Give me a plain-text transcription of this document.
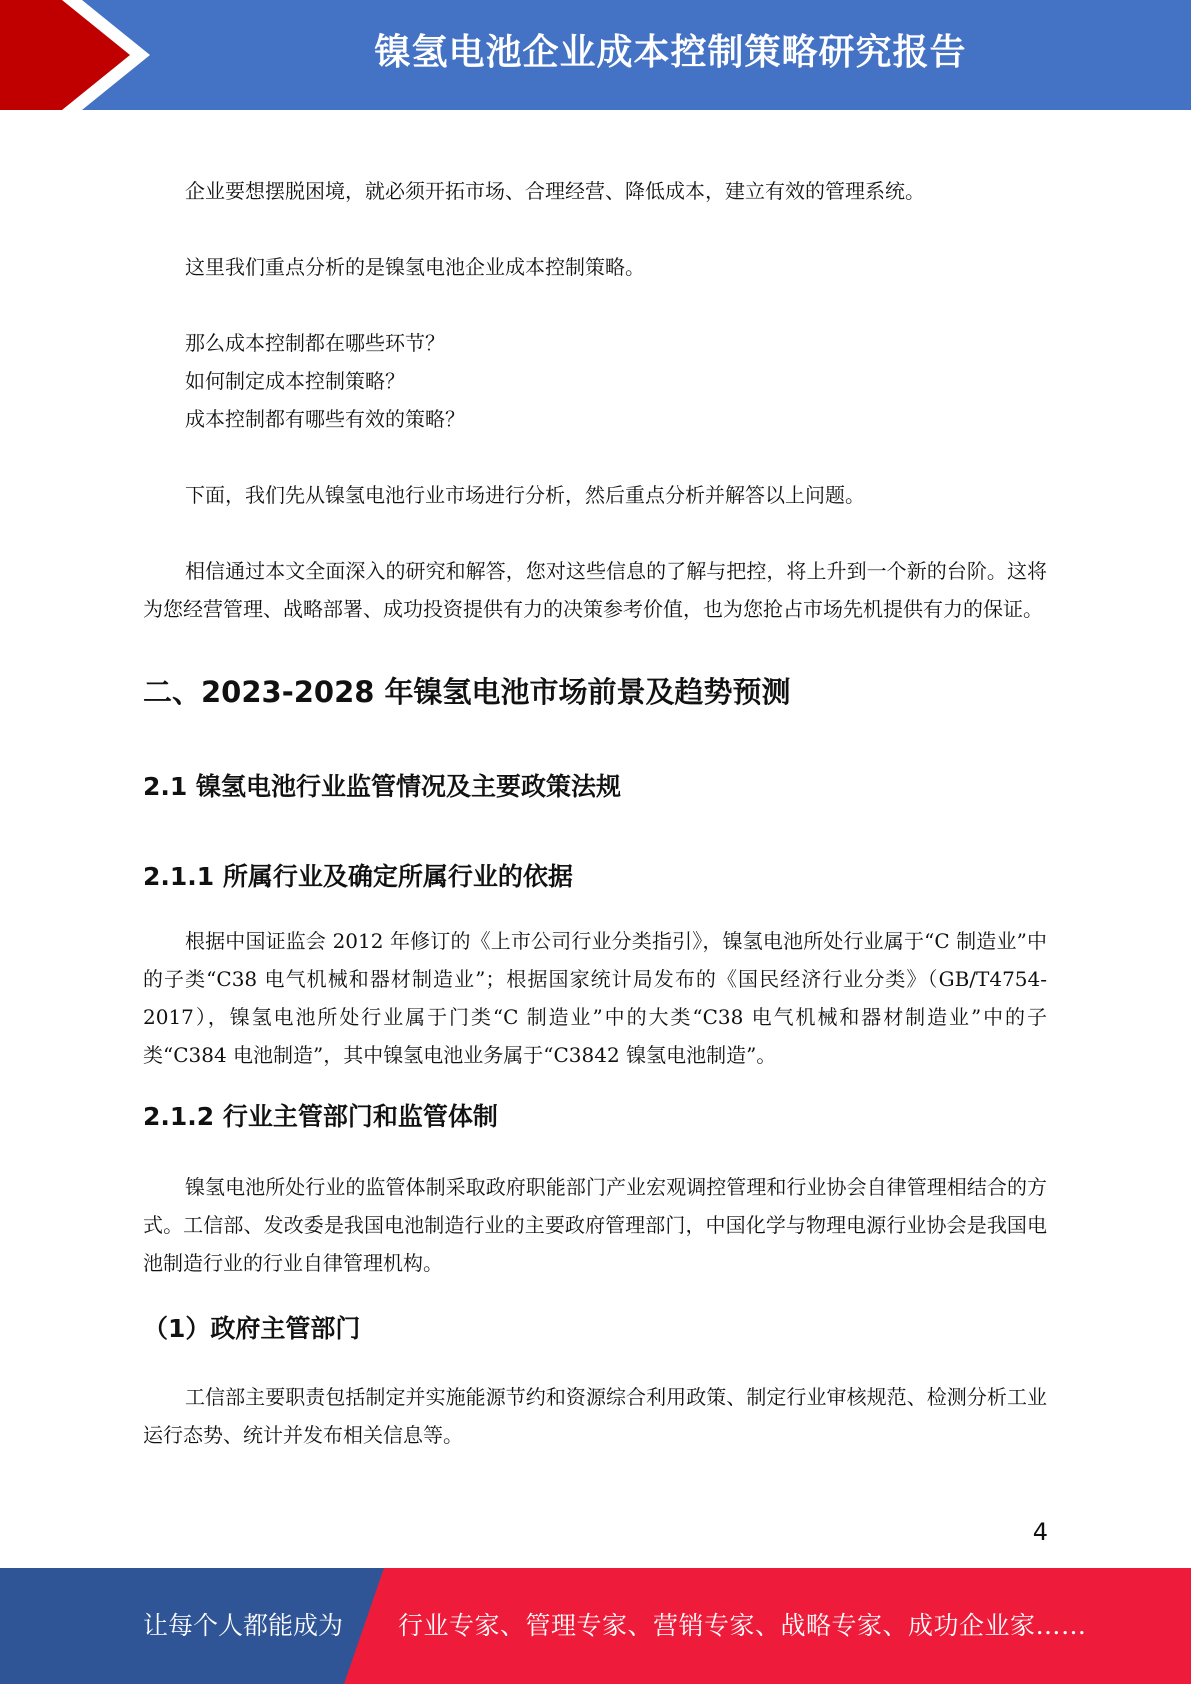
镍氢电池企业成本控制策略研究报告

企业要想摆脱困境，就必须开拓市场、合理经营、降低成本，建立有效的管理系统。

这里我们重点分析的是镍氢电池企业成本控制策略。

那么成本控制都在哪些环节？

如何制定成本控制策略？

成本控制都有哪些有效的策略？

下面，我们先从镍氢电池行业市场进行分析，然后重点分析并解答以上问题。

相信通过本文全面深入的研究和解答，您对这些信息的了解与把控，将上升到一个新的台阶。这将为您经营管理、战略部署、成功投资提供有力的决策参考价值，也为您抢占市场先机提供有力的保证。

二、2023-2028 年镍氢电池市场前景及趋势预测
2.1 镍氢电池行业监管情况及主要政策法规
2.1.1 所属行业及确定所属行业的依据

根据中国证监会 2012 年修订的《上市公司行业分类指引》，镍氢电池所处行业属于“C 制造业”中的子类“C38 电气机械和器材制造业”；根据国家统计局发布的《国民经济行业分类》（GB/T4754-2017），镍氢电池所处行业属于门类“C 制造业”中的大类“C38 电气机械和器材制造业”中的子类“C384 电池制造”，其中镍氢电池业务属于“C3842 镍氢电池制造”。

2.1.2 行业主管部门和监管体制

镍氢电池所处行业的监管体制采取政府职能部门产业宏观调控管理和行业协会自律管理相结合的方式。工信部、发改委是我国电池制造行业的主要政府管理部门，中国化学与物理电源行业协会是我国电池制造行业的行业自律管理机构。

（1）政府主管部门

工信部主要职责包括制定并实施能源节约和资源综合利用政策、制定行业审核规范、检测分析工业运行态势、统计并发布相关信息等。

4
让每个人都能成为 行业专家、管理专家、营销专家、战略专家、成功企业家……
